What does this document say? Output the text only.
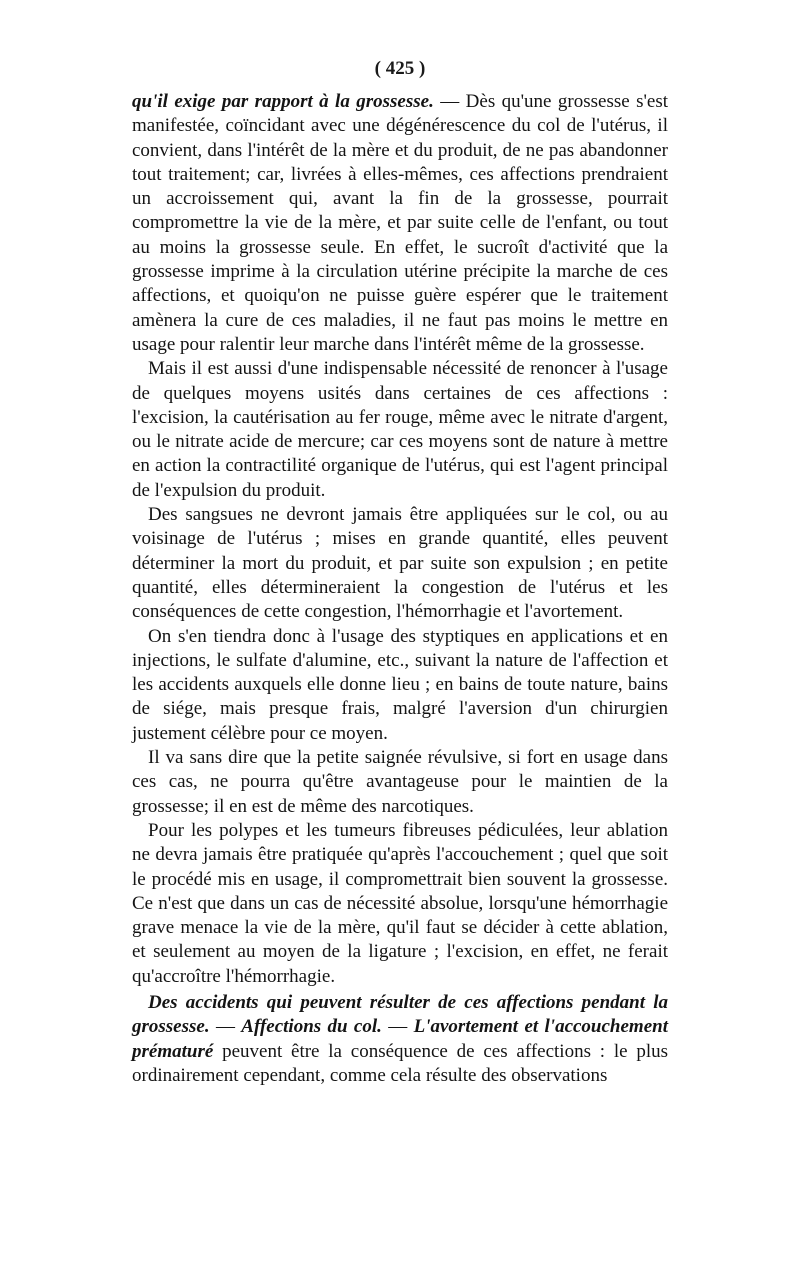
( 425 )

qu'il exige par rapport à la grossesse. — Dès qu'une grossesse s'est manifestée, coïncidant avec une dégénérescence du col de l'utérus, il convient, dans l'intérêt de la mère et du produit, de ne pas abandonner tout traitement; car, livrées à elles-mêmes, ces affections prendraient un accroissement qui, avant la fin de la grossesse, pourrait compromettre la vie de la mère, et par suite celle de l'enfant, ou tout au moins la grossesse seule. En effet, le sucroît d'activité que la grossesse imprime à la circulation utérine précipite la marche de ces affections, et quoiqu'on ne puisse guère espérer que le traitement amènera la cure de ces maladies, il ne faut pas moins le mettre en usage pour ralentir leur marche dans l'intérêt même de la grossesse.

Mais il est aussi d'une indispensable nécessité de renoncer à l'usage de quelques moyens usités dans certaines de ces affections : l'excision, la cautérisation au fer rouge, même avec le nitrate d'argent, ou le nitrate acide de mercure; car ces moyens sont de nature à mettre en action la contractilité organique de l'utérus, qui est l'agent principal de l'expulsion du produit.

Des sangsues ne devront jamais être appliquées sur le col, ou au voisinage de l'utérus ; mises en grande quantité, elles peuvent déterminer la mort du produit, et par suite son expulsion ; en petite quantité, elles détermineraient la congestion de l'utérus et les conséquences de cette congestion, l'hémorrhagie et l'avortement.

On s'en tiendra donc à l'usage des styptiques en applications et en injections, le sulfate d'alumine, etc., suivant la nature de l'affection et les accidents auxquels elle donne lieu ; en bains de toute nature, bains de siége, mais presque frais, malgré l'aversion d'un chirurgien justement célèbre pour ce moyen.

Il va sans dire que la petite saignée révulsive, si fort en usage dans ces cas, ne pourra qu'être avantageuse pour le maintien de la grossesse; il en est de même des narcotiques.

Pour les polypes et les tumeurs fibreuses pédiculées, leur ablation ne devra jamais être pratiquée qu'après l'accouchement ; quel que soit le procédé mis en usage, il compromettrait bien souvent la grossesse. Ce n'est que dans un cas de nécessité absolue, lorsqu'une hémorrhagie grave menace la vie de la mère, qu'il faut se décider à cette ablation, et seulement au moyen de la ligature ; l'excision, en effet, ne ferait qu'accroître l'hémorrhagie.

Des accidents qui peuvent résulter de ces affections pendant la grossesse. — Affections du col. — L'avortement et l'accouchement prématuré peuvent être la conséquence de ces affections : le plus ordinairement cependant, comme cela résulte des observations
